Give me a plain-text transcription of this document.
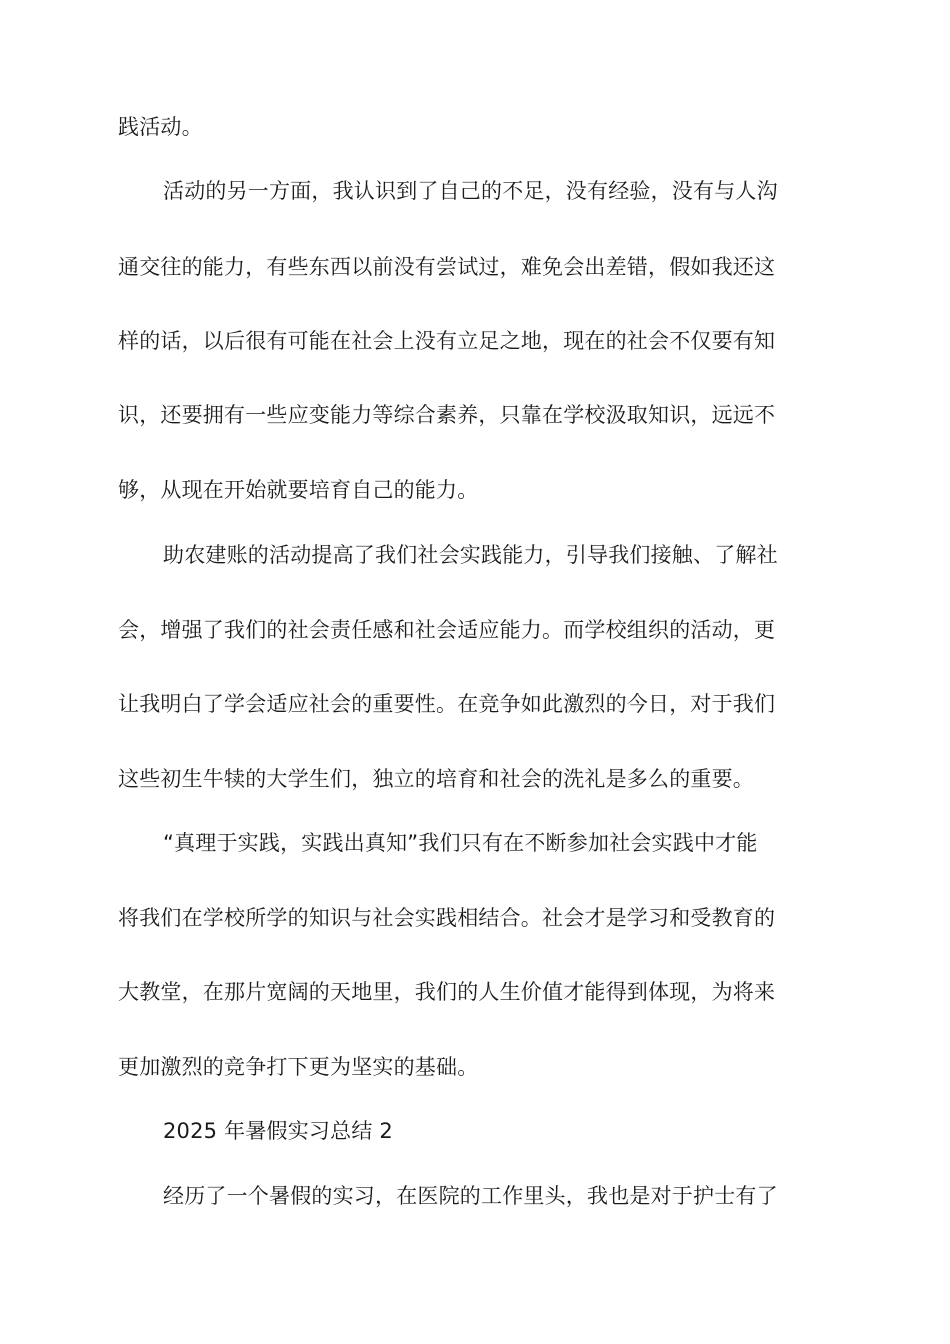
践活动。
活动的另一方面，我认识到了自己的不足，没有经验，没有与人沟
通交往的能力，有些东西以前没有尝试过，难免会出差错，假如我还这
样的话，以后很有可能在社会上没有立足之地，现在的社会不仅要有知
识，还要拥有一些应变能力等综合素养，只靠在学校汲取知识，远远不
够，从现在开始就要培育自己的能力。
助农建账的活动提高了我们社会实践能力，引导我们接触、了解社
会，增强了我们的社会责任感和社会适应能力。而学校组织的活动，更
让我明白了学会适应社会的重要性。在竞争如此激烈的今日，对于我们
这些初生牛犊的大学生们，独立的培育和社会的洗礼是多么的重要。
“真理于实践，实践出真知”我们只有在不断参加社会实践中才能
将我们在学校所学的知识与社会实践相结合。社会才是学习和受教育的
大教堂，在那片宽阔的天地里，我们的人生价值才能得到体现，为将来
更加激烈的竞争打下更为坚实的基础。
2025 年暑假实习总结 2
经历了一个暑假的实习，在医院的工作里头，我也是对于护士有了
